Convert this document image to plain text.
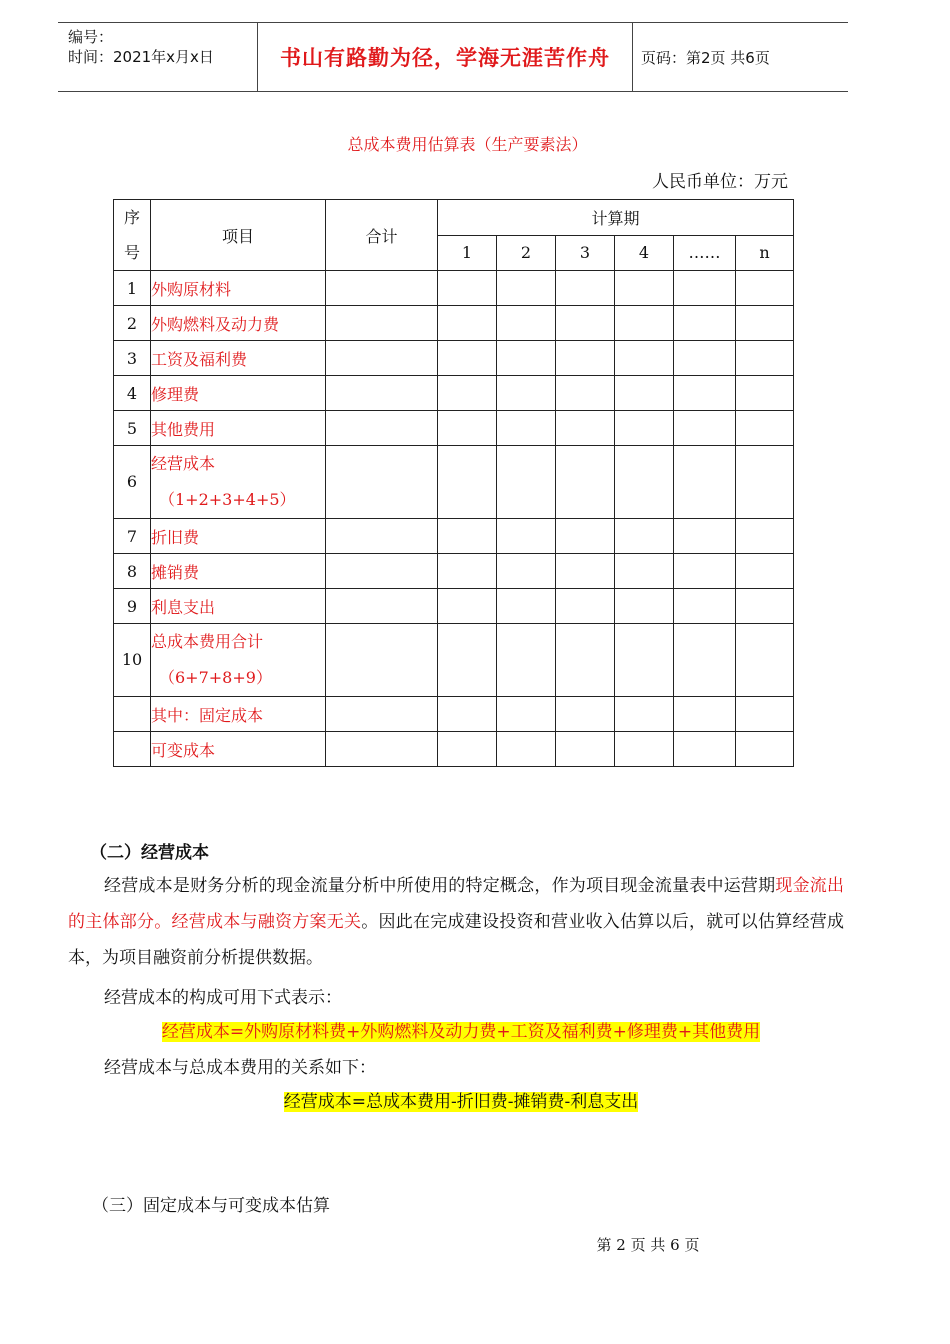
编号：
时间：2021年x月x日	书山有路勤为径，学海无涯苦作舟	页码：第2页 共6页
总成本费用估算表（生产要素法）
人民币单位：万元
序
号	项目	合计	计算期					
			1	2	3	4	……	n
1	外购原材料							
2	外购燃料及动力费							
3	工资及福利费							
4	修理费							
5	其他费用							
6	经营成本
（1+2+3+4+5）							

7	折旧费							
8	摊销费							
9	利息支出							
10	总成本费用合计
（6+7+8+9）							

	其中：固定成本							
	可变成本							
（二）经营成本
经营成本是财务分析的现金流量分析中所使用的特定概念，作为项目现金流量表中运营期现金流出的主体部分。经营成本与融资方案无关。因此在完成建设投资和营业收入估算以后，就可以估算经营成本，为项目融资前分析提供数据。
经营成本的构成可用下式表示：
经营成本=外购原材料费+外购燃料及动力费+工资及福利费+修理费+其他费用
经营成本与总成本费用的关系如下：
经营成本=总成本费用-折旧费-摊销费-利息支出
（三）固定成本与可变成本估算
第 2 页 共 6 页
